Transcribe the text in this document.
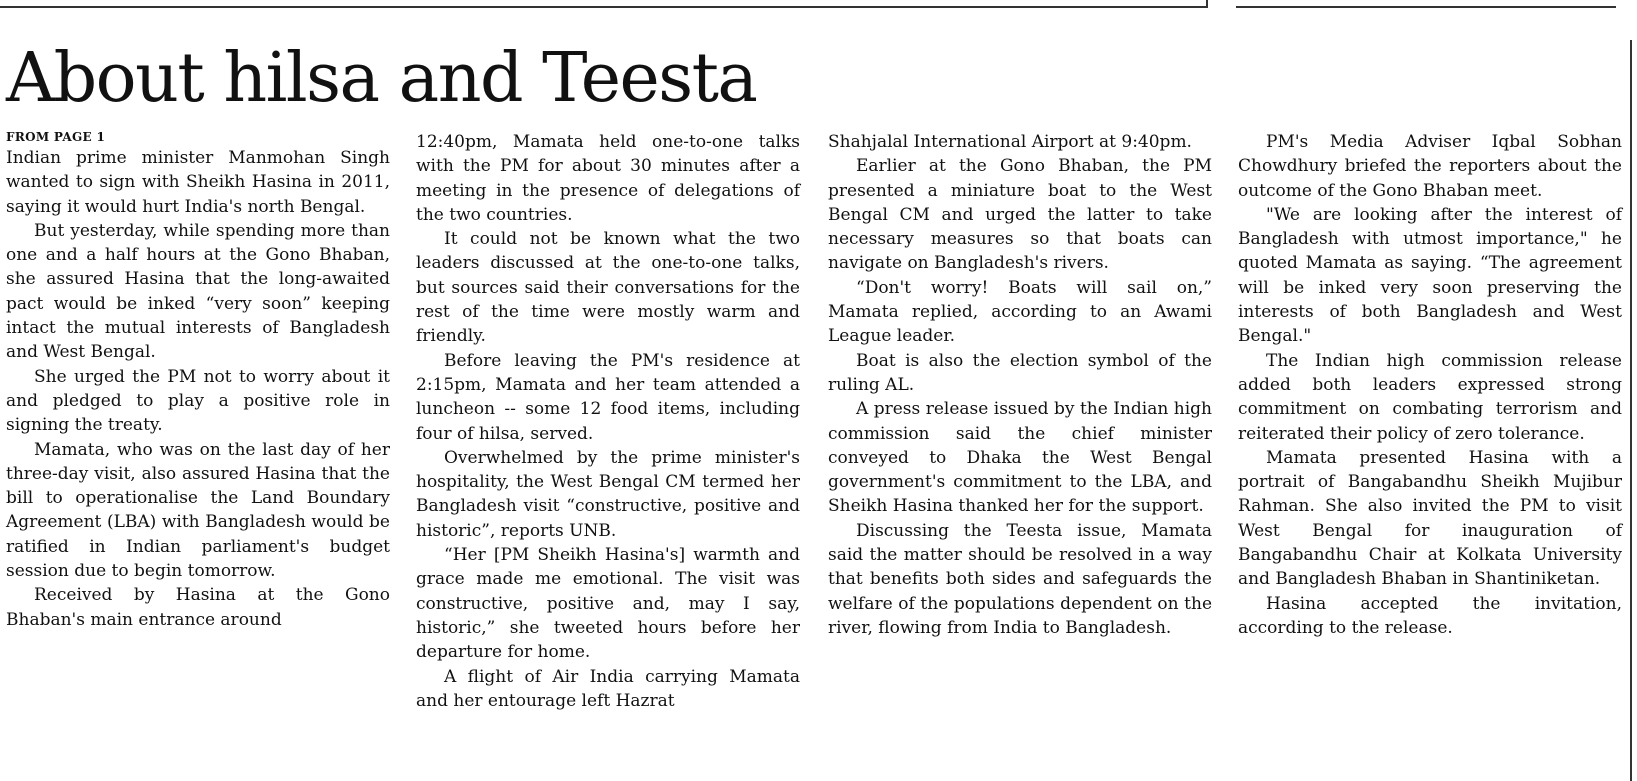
About hilsa and Teesta
FROM PAGE 1

Indian prime minister Manmohan Singh wanted to sign with Sheikh Hasina in 2011, saying it would hurt India's north Bengal.

But yesterday, while spending more than one and a half hours at the Gono Bhaban, she assured Hasina that the long-awaited pact would be inked “very soon” keeping intact the mutual interests of Bangladesh and West Bengal.

She urged the PM not to worry about it and pledged to play a positive role in signing the treaty.

Mamata, who was on the last day of her three-day visit, also assured Hasina that the bill to operationalise the Land Boundary Agreement (LBA) with Bangladesh would be ratified in Indian parliament's budget session due to begin tomorrow.

Received by Hasina at the Gono Bhaban's main entrance around

12:40pm, Mamata held one-to-one talks with the PM for about 30 minutes after a meeting in the presence of delegations of the two countries.

It could not be known what the two leaders discussed at the one-to-one talks, but sources said their conversations for the rest of the time were mostly warm and friendly.

Before leaving the PM's residence at 2:15pm, Mamata and her team attended a luncheon -- some 12 food items, including four of hilsa, served.

Overwhelmed by the prime minister's hospitality, the West Bengal CM termed her Bangladesh visit “constructive, positive and historic”, reports UNB.

“Her [PM Sheikh Hasina's] warmth and grace made me emotional. The visit was constructive, positive and, may I say, historic,” she tweeted hours before her departure for home.

A flight of Air India carrying Mamata and her entourage left Hazrat

Shahjalal International Airport at 9:40pm.

Earlier at the Gono Bhaban, the PM presented a miniature boat to the West Bengal CM and urged the latter to take necessary measures so that boats can navigate on Bangladesh's rivers.

“Don't worry! Boats will sail on,” Mamata replied, according to an Awami League leader.

Boat is also the election symbol of the ruling AL.

A press release issued by the Indian high commission said the chief minister conveyed to Dhaka the West Bengal government's commitment to the LBA, and Sheikh Hasina thanked her for the support.

Discussing the Teesta issue, Mamata said the matter should be resolved in a way that benefits both sides and safeguards the welfare of the populations dependent on the river, flowing from India to Bangladesh.

PM's Media Adviser Iqbal Sobhan Chowdhury briefed the reporters about the outcome of the Gono Bhaban meet.

"We are looking after the interest of Bangladesh with utmost importance," he quoted Mamata as saying. “The agreement will be inked very soon preserving the interests of both Bangladesh and West Bengal."

The Indian high commission release added both leaders expressed strong commitment on combating terrorism and reiterated their policy of zero tolerance.

Mamata presented Hasina with a portrait of Bangabandhu Sheikh Mujibur Rahman. She also invited the PM to visit West Bengal for inauguration of Bangabandhu Chair at Kolkata University and Bangladesh Bhaban in Shantiniketan.

Hasina accepted the invitation, according to the release.
